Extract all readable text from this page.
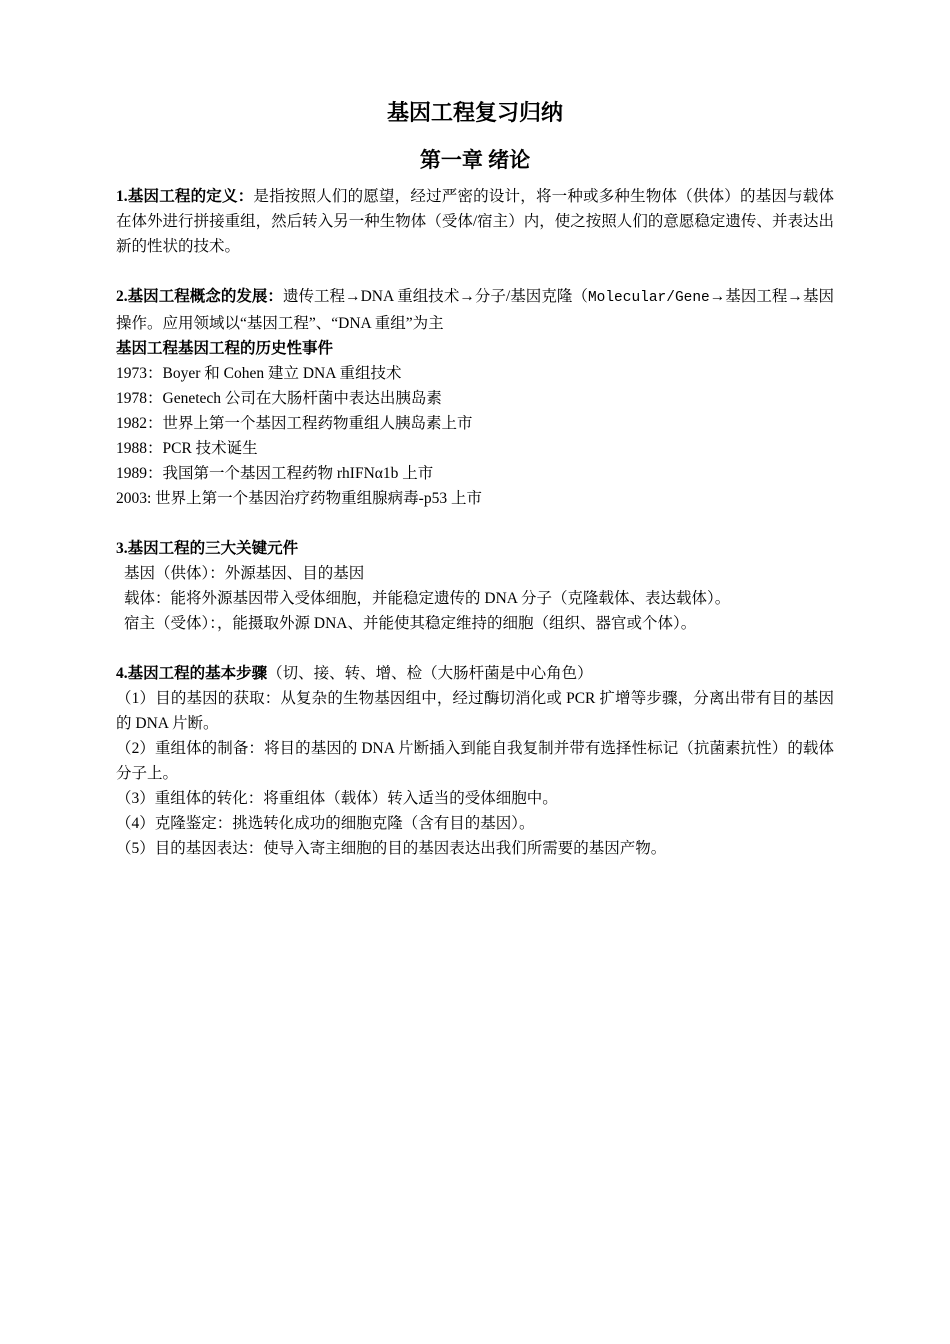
基因工程复习归纳
第一章 绪论

1.基因工程的定义：是指按照人们的愿望，经过严密的设计，将一种或多种生物体（供体）的基因与载体在体外进行拼接重组，然后转入另一种生物体（受体/宿主）内，使之按照人们的意愿稳定遗传、并表达出新的性状的技术。

2.基因工程概念的发展：遗传工程→DNA 重组技术→分子/基因克隆（Molecular/Gene→基因工程→基因操作。应用领域以“基因工程”、“DNA 重组”为主

基因工程基因工程的历史性事件

1973：Boyer 和 Cohen 建立 DNA 重组技术

1978：Genetech 公司在大肠杆菌中表达出胰岛素

1982：世界上第一个基因工程药物重组人胰岛素上市

1988：PCR 技术诞生

1989：我国第一个基因工程药物 rhIFNα1b 上市

2003: 世界上第一个基因治疗药物重组腺病毒-p53 上市

3.基因工程的三大关键元件

基因（供体）：外源基因、目的基因

载体：能将外源基因带入受体细胞，并能稳定遗传的 DNA 分子（克隆载体、表达载体）。

宿主（受体）：，能摄取外源 DNA、并能使其稳定维持的细胞（组织、器官或个体）。

4.基因工程的基本步骤（切、接、转、增、检（大肠杆菌是中心角色）

（1）目的基因的获取：从复杂的生物基因组中，经过酶切消化或 PCR 扩增等步骤，分离出带有目的基因的 DNA 片断。

（2）重组体的制备：将目的基因的 DNA 片断插入到能自我复制并带有选择性标记（抗菌素抗性）的载体分子上。

（3）重组体的转化：将重组体（载体）转入适当的受体细胞中。

（4）克隆鉴定：挑选转化成功的细胞克隆（含有目的基因）。

（5）目的基因表达：使导入寄主细胞的目的基因表达出我们所需要的基因产物。
